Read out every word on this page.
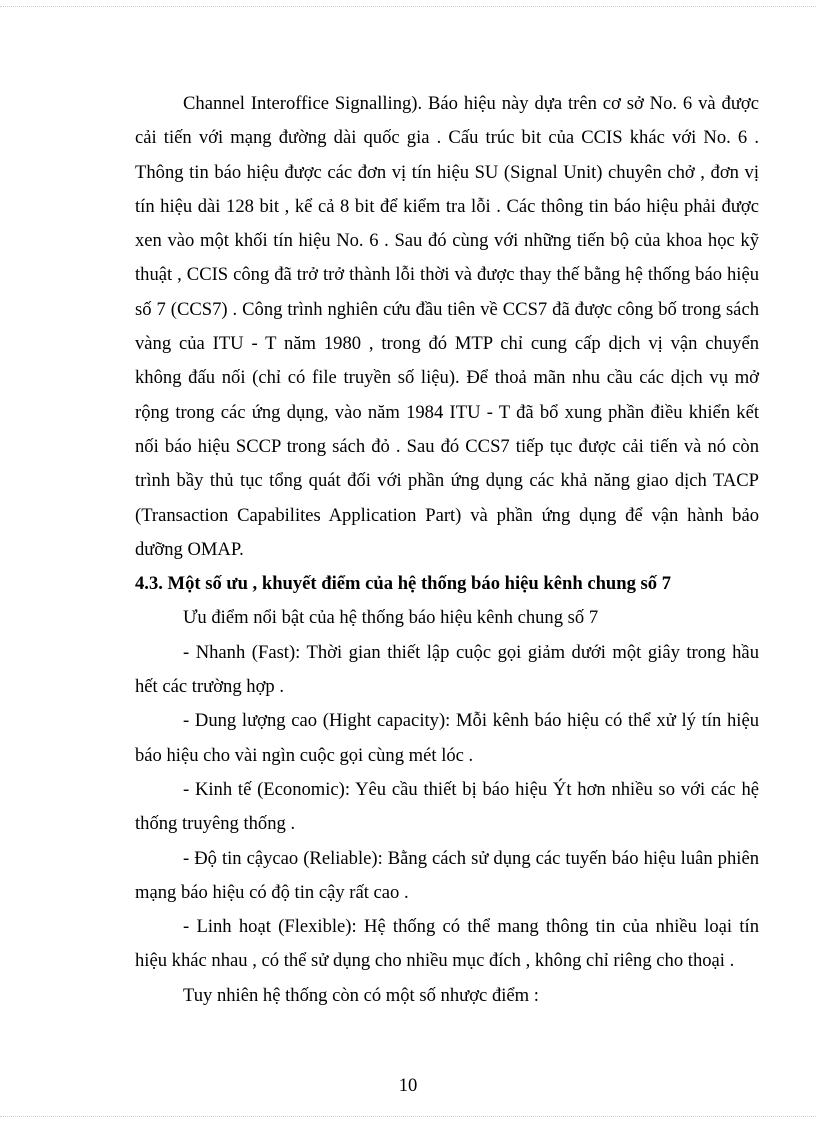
Channel Interoffice Signalling). Báo hiệu này dựa trên cơ sở No. 6 và được
cải tiến với mạng đường dài quốc gia . Cấu trúc bit của CCIS khác với No. 6 .
Thông tin báo hiệu được các đơn vị tín hiệu SU (Signal Unit) chuyên chở , đơn vị
tín hiệu dài 128 bit , kể cả 8 bit để kiểm tra lỗi . Các thông tin báo hiệu phải được
xen vào một khối tín hiệu No. 6 . Sau đó cùng với những tiến bộ của khoa học kỹ
thuật , CCIS công đã trở trở thành lỗi thời và được thay thế bằng hệ thống báo hiệu
số 7 (CCS7) . Công trình nghiên cứu đầu tiên về CCS7 đã được công bố trong sách
vàng của ITU - T năm 1980 , trong đó MTP chỉ cung cấp dịch vị vận chuyển
không đấu nối (chỉ có file truyền số liệu). Để thoả mãn nhu cầu các dịch vụ mở
rộng trong các ứng dụng, vào năm 1984 ITU - T đã bổ xung phần điều khiển kết
nối báo hiệu SCCP trong sách đỏ . Sau đó CCS7 tiếp tục được cải tiến và nó còn
trình bầy thủ tục tổng quát đối với phần ứng dụng các khả năng giao dịch TACP
(Transaction Capabilites Application Part) và phần ứng dụng để vận hành bảo
dưỡng OMAP.
4.3. Một số ưu , khuyết điểm của hệ thống báo hiệu kênh chung số 7
Ưu điểm nổi bật của hệ thống báo hiệu kênh chung số 7
- Nhanh (Fast): Thời gian thiết lập cuộc gọi giảm dưới một giây trong hầu
hết các trường hợp .
- Dung lượng cao (Hight capacity): Mỗi kênh báo hiệu có thể xử lý tín hiệu
báo hiệu cho vài ngìn cuộc gọi cùng mét lóc .
- Kinh tế (Economic): Yêu cầu thiết bị báo hiệu Ýt hơn nhiều so với các hệ
thống truyêng thống .
- Độ tin cậycao (Reliable): Bằng cách sử dụng các tuyến báo hiệu luân phiên
mạng báo hiệu có độ tin cậy rất cao .
- Linh hoạt (Flexible): Hệ thống có thể mang thông tin của nhiều loại tín
hiệu khác nhau , có thể sử dụng cho nhiều mục đích , không chỉ riêng cho thoại .
Tuy nhiên hệ thống còn có một số nhược điểm :
10
